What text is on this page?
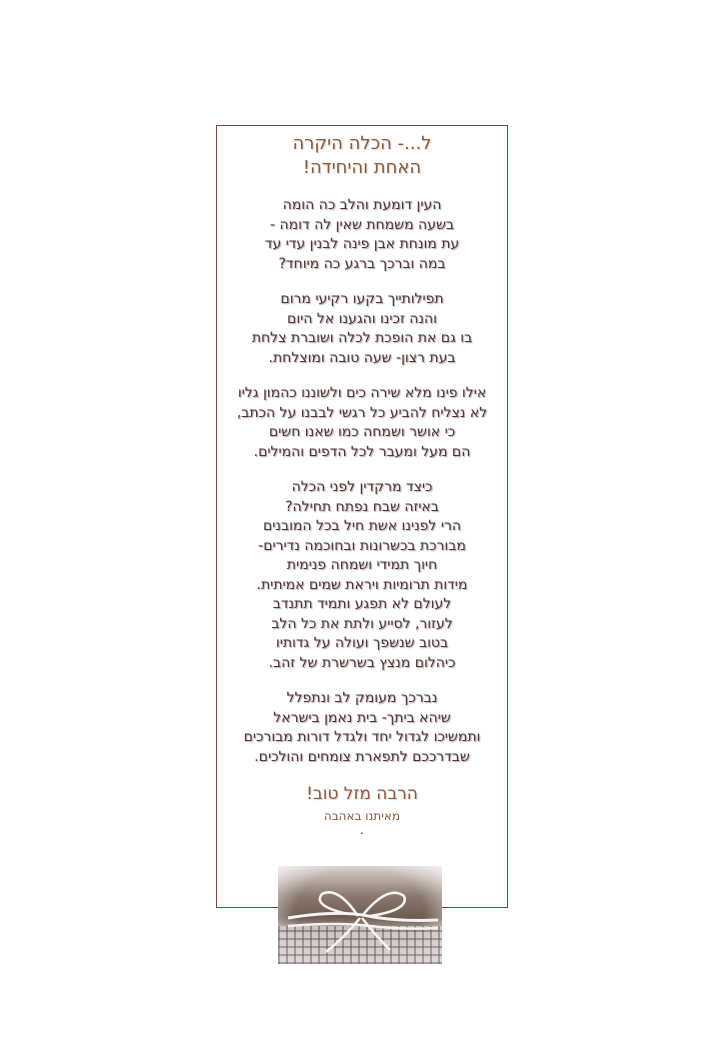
ל...- הכלה היקרה
האחת והיחידה!
העין דומעת והלב כה הומה
בשעה משמחת שאין לה דומה -
עת מונחת אבן פינה לבנין עדי עד
במה וברכך ברגע כה מיוחד?
תפילותייך בקעו רקיעי מרום
והנה זכינו והגענו אל היום
בו גם את הופכת לכלה ושוברת צלחת
בעת רצון- שעה טובה ומוצלחת.
אילו פינו מלא שירה כים ולשוננו כהמון גליו
לא נצליח להביע כל רגשי לבבנו על הכתב,
כי אושר ושמחה כמו שאנו חשים
הם מעל ומעבר לכל הדפים והמילים.
כיצד מרקדין לפני הכלה
באיזה שבח נפתח תחילה?
הרי לפנינו אשת חיל בכל המובנים
מבורכת בכשרונות ובחוכמה נדירים-
חיוך תמידי ושמחה פנימית
מידות תרומיות ויראת שמים אמיתית.
לעולם לא תפגע ותמיד תתנדב
לעזור, לסייע ולתת את כל הלב
בטוב שנשפך ועולה על גדותיו
כיהלום מנצץ בשרשרת של זהב.
נברכך מעומק לב ונתפלל
שיהא ביתך- בית נאמן בישראל
ותמשיכו לגדול יחד ולגדל דורות מבורכים
שבדרככם לתפארת צומחים והולכים.
הרבה מזל טוב!
מאיתנו באהבה
.
